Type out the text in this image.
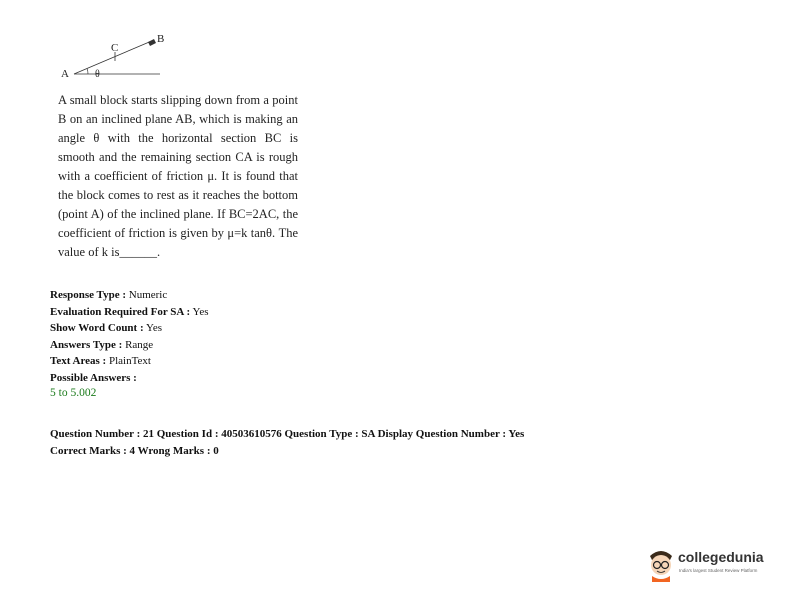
θ
A
C
B

A small block starts slipping down from a point B on an inclined plane AB, which is making an angle θ with the horizontal section BC is smooth and the remaining section CA is rough with a coefficient of friction μ. It is found that the block comes to rest as it reaches the bottom (point A) of the inclined plane. If BC=2AC, the coefficient of friction is given by μ=k tanθ. The value of k is______.

Response Type : Numeric
Evaluation Required For SA : Yes
Show Word Count : Yes
Answers Type : Range
Text Areas : PlainText
Possible Answers :
5 to 5.002
Question Number : 21 Question Id : 40503610576 Question Type : SA Display Question Number : Yes
Correct Marks : 4 Wrong Marks : 0
collegedunia
India's largest Student Review Platform
